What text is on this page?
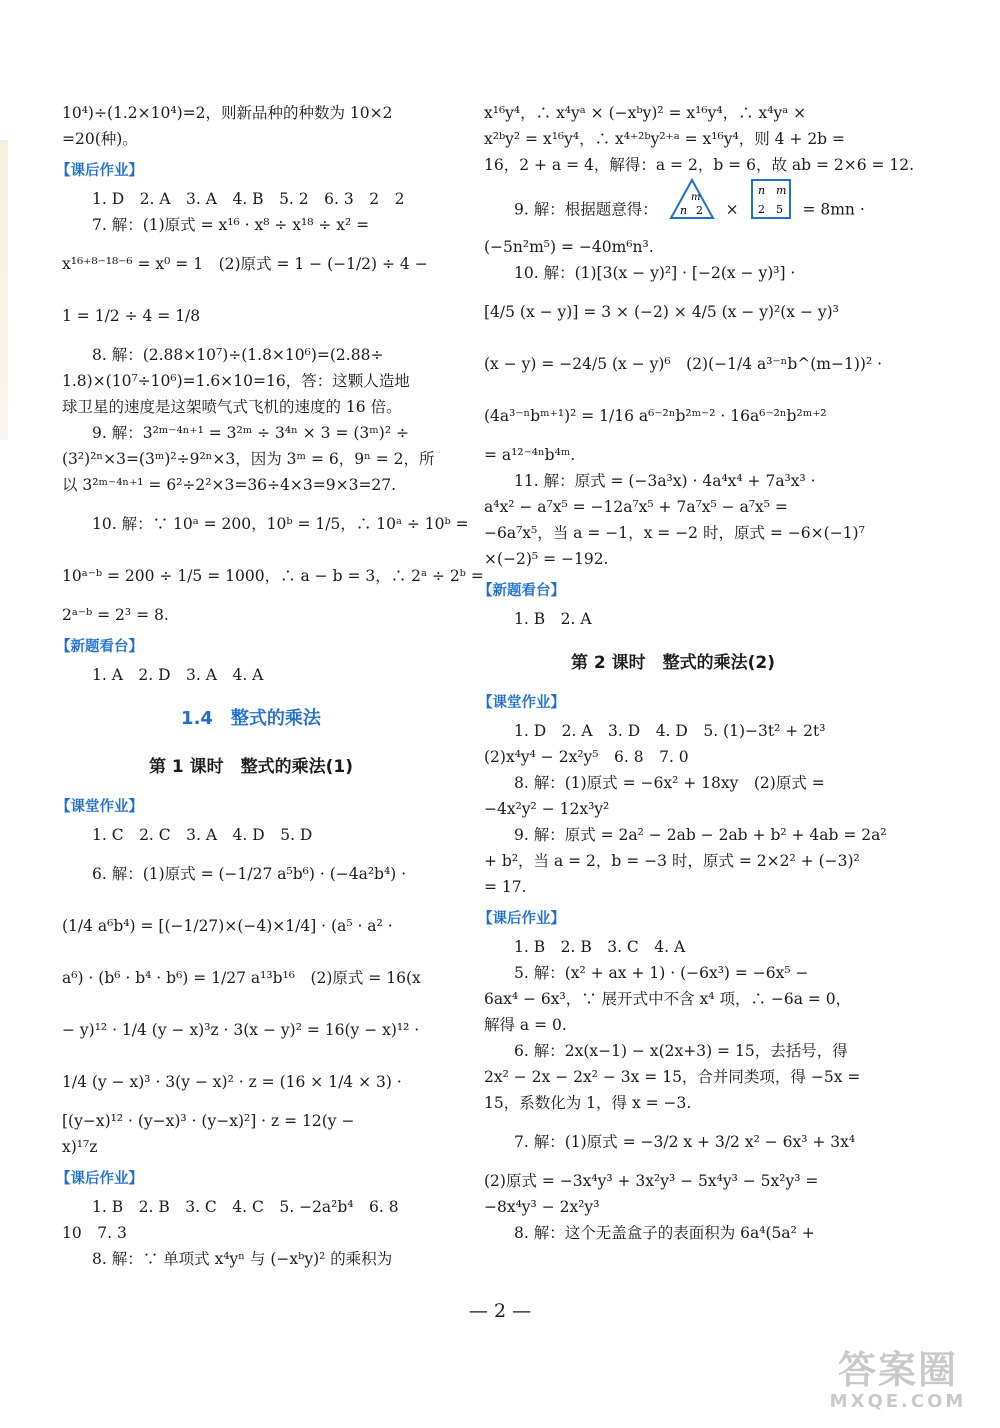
10⁴)÷(1.2×10⁴)=2，则新品种的种数为 10×2
=20(种)。
【课后作业】
1. D　2. A　3. A　4. B　5. 2　6. 3　2　2
7. 解：(1)原式 = x¹⁶ · x⁸ ÷ x¹⁸ ÷ x² =
x¹⁶⁺⁸⁻¹⁸⁻⁶ = x⁰ = 1　(2)原式 = 1 − (−1/2) ÷ 4 −
1 = 1/2 ÷ 4 = 1/8
8. 解：(2.88×10⁷)÷(1.8×10⁶)=(2.88÷
1.8)×(10⁷÷10⁶)=1.6×10=16，答：这颗人造地
球卫星的速度是这架喷气式飞机的速度的 16 倍。
9. 解：3²ᵐ⁻⁴ⁿ⁺¹ = 3²ᵐ ÷ 3⁴ⁿ × 3 = (3ᵐ)² ÷
(3²)²ⁿ×3=(3ᵐ)²÷9²ⁿ×3，因为 3ᵐ = 6，9ⁿ = 2，所
以 3²ᵐ⁻⁴ⁿ⁺¹ = 6²÷2²×3=36÷4×3=9×3=27.
10. 解：∵ 10ᵃ = 200，10ᵇ = 1/5，∴ 10ᵃ ÷ 10ᵇ =
10ᵃ⁻ᵇ = 200 ÷ 1/5 = 1000，∴ a − b = 3，∴ 2ᵃ ÷ 2ᵇ =
2ᵃ⁻ᵇ = 2³ = 8.
【新题看台】
1. A　2. D　3. A　4. A
1.4　整式的乘法
第 1 课时　整式的乘法(1)
【课堂作业】
1. C　2. C　3. A　4. D　5. D
6. 解：(1)原式 = (−1/27 a⁵b⁶) · (−4a²b⁴) ·
(1/4 a⁶b⁴) = [(−1/27)×(−4)×1/4] · (a⁵ · a² ·
a⁶) · (b⁶ · b⁴ · b⁶) = 1/27 a¹³b¹⁶　(2)原式 = 16(x
− y)¹² · 1/4 (y − x)³z · 3(x − y)² = 16(y − x)¹² ·
1/4 (y − x)³ · 3(y − x)² · z = (16 × 1/4 × 3) ·
[(y−x)¹² · (y−x)³ · (y−x)²] · z = 12(y −
x)¹⁷z
【课后作业】
1. B　2. B　3. C　4. C　5. −2a²b⁴　6. 8
10　7. 3
8. 解：∵ 单项式 x⁴yⁿ 与 (−xᵇy)² 的乘积为
x¹⁶y⁴，∴ x⁴yᵃ × (−xᵇy)² = x¹⁶y⁴，∴ x⁴yᵃ ×
x²ᵇy² = x¹⁶y⁴，∴ x⁴⁺²ᵇy²⁺ᵃ = x¹⁶y⁴，则 4 + 2b =
16，2 + a = 4，解得：a = 2，b = 6，故 ab = 2×6 = 12.
9. 解：根据题意得：
m
n 2 ×
n m
2 5 = 8mn ·
(−5n²m⁵) = −40m⁶n³.
10. 解：(1)[3(x − y)²] · [−2(x − y)³] ·
[4/5 (x − y)] = 3 × (−2) × 4/5 (x − y)²(x − y)³
(x − y) = −24/5 (x − y)⁶　(2)(−1/4 a³⁻ⁿb^(m−1))² ·
(4a³⁻ⁿbᵐ⁺¹)² = 1/16 a⁶⁻²ⁿb²ᵐ⁻² · 16a⁶⁻²ⁿb²ᵐ⁺²
= a¹²⁻⁴ⁿb⁴ᵐ.
11. 解：原式 = (−3a³x) · 4a⁴x⁴ + 7a³x³ ·
a⁴x² − a⁷x⁵ = −12a⁷x⁵ + 7a⁷x⁵ − a⁷x⁵ =
−6a⁷x⁵，当 a = −1，x = −2 时，原式 = −6×(−1)⁷
×(−2)⁵ = −192.
【新题看台】
1. B　2. A
第 2 课时　整式的乘法(2)
【课堂作业】
1. D　2. A　3. D　4. D　5. (1)−3t² + 2t³
(2)x⁴y⁴ − 2x²y⁵　6. 8　7. 0
8. 解：(1)原式 = −6x² + 18xy　(2)原式 =
−4x²y² − 12x³y²
9. 解：原式 = 2a² − 2ab − 2ab + b² + 4ab = 2a²
+ b²，当 a = 2，b = −3 时，原式 = 2×2² + (−3)²
= 17.
【课后作业】
1. B　2. B　3. C　4. A
5. 解：(x² + ax + 1) · (−6x³) = −6x⁵ −
6ax⁴ − 6x³，∵ 展开式中不含 x⁴ 项，∴ −6a = 0，
解得 a = 0.
6. 解：2x(x−1) − x(2x+3) = 15，去括号，得
2x² − 2x − 2x² − 3x = 15，合并同类项，得 −5x =
15，系数化为 1，得 x = −3.
7. 解：(1)原式 = −3/2 x + 3/2 x² − 6x³ + 3x⁴
(2)原式 = −3x⁴y³ + 3x²y³ − 5x⁴y³ − 5x²y³ =
−8x⁴y³ − 2x²y³
8. 解：这个无盖盒子的表面积为 6a⁴(5a² +
— 2 —
答案圈
MXQE.COM
